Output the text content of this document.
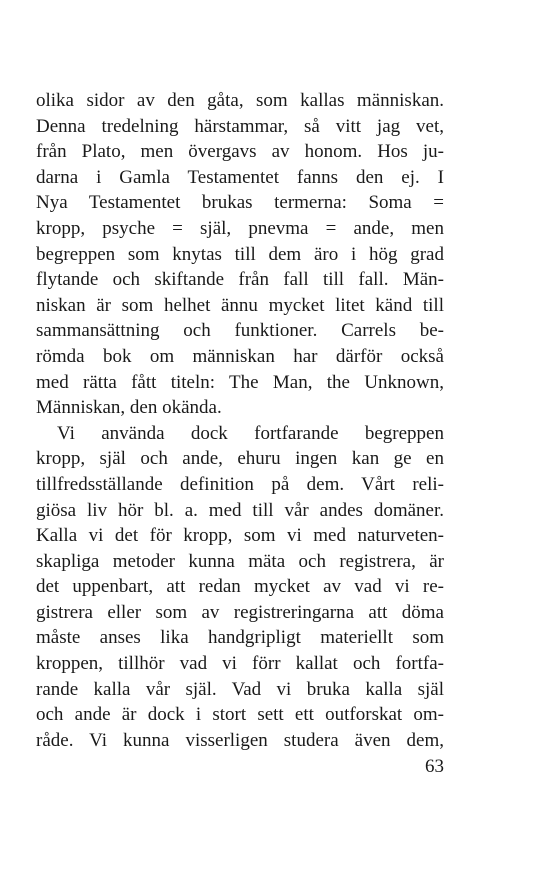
olika sidor av den gåta, som kallas människan.
Denna tredelning härstammar, så vitt jag vet,
från Plato, men övergavs av honom. Hos ju-
darna i Gamla Testamentet fanns den ej. I
Nya Testamentet brukas termerna: Soma =
kropp, psyche = själ, pnevma = ande, men
begreppen som knytas till dem äro i hög grad
flytande och skiftande från fall till fall. Män-
niskan är som helhet ännu mycket litet känd till
sammansättning och funktioner. Carrels be-
römda bok om människan har därför också
med rätta fått titeln: The Man, the Unknown,
Människan, den okända.
Vi använda dock fortfarande begreppen
kropp, själ och ande, ehuru ingen kan ge en
tillfredsställande definition på dem. Vårt reli-
giösa liv hör bl. a. med till vår andes domäner.
Kalla vi det för kropp, som vi med naturveten-
skapliga metoder kunna mäta och registrera, är
det uppenbart, att redan mycket av vad vi re-
gistrera eller som av registreringarna att döma
måste anses lika handgripligt materiellt som
kroppen, tillhör vad vi förr kallat och fortfa-
rande kalla vår själ. Vad vi bruka kalla själ
och ande är dock i stort sett ett outforskat om-
råde. Vi kunna visserligen studera även dem,
63
